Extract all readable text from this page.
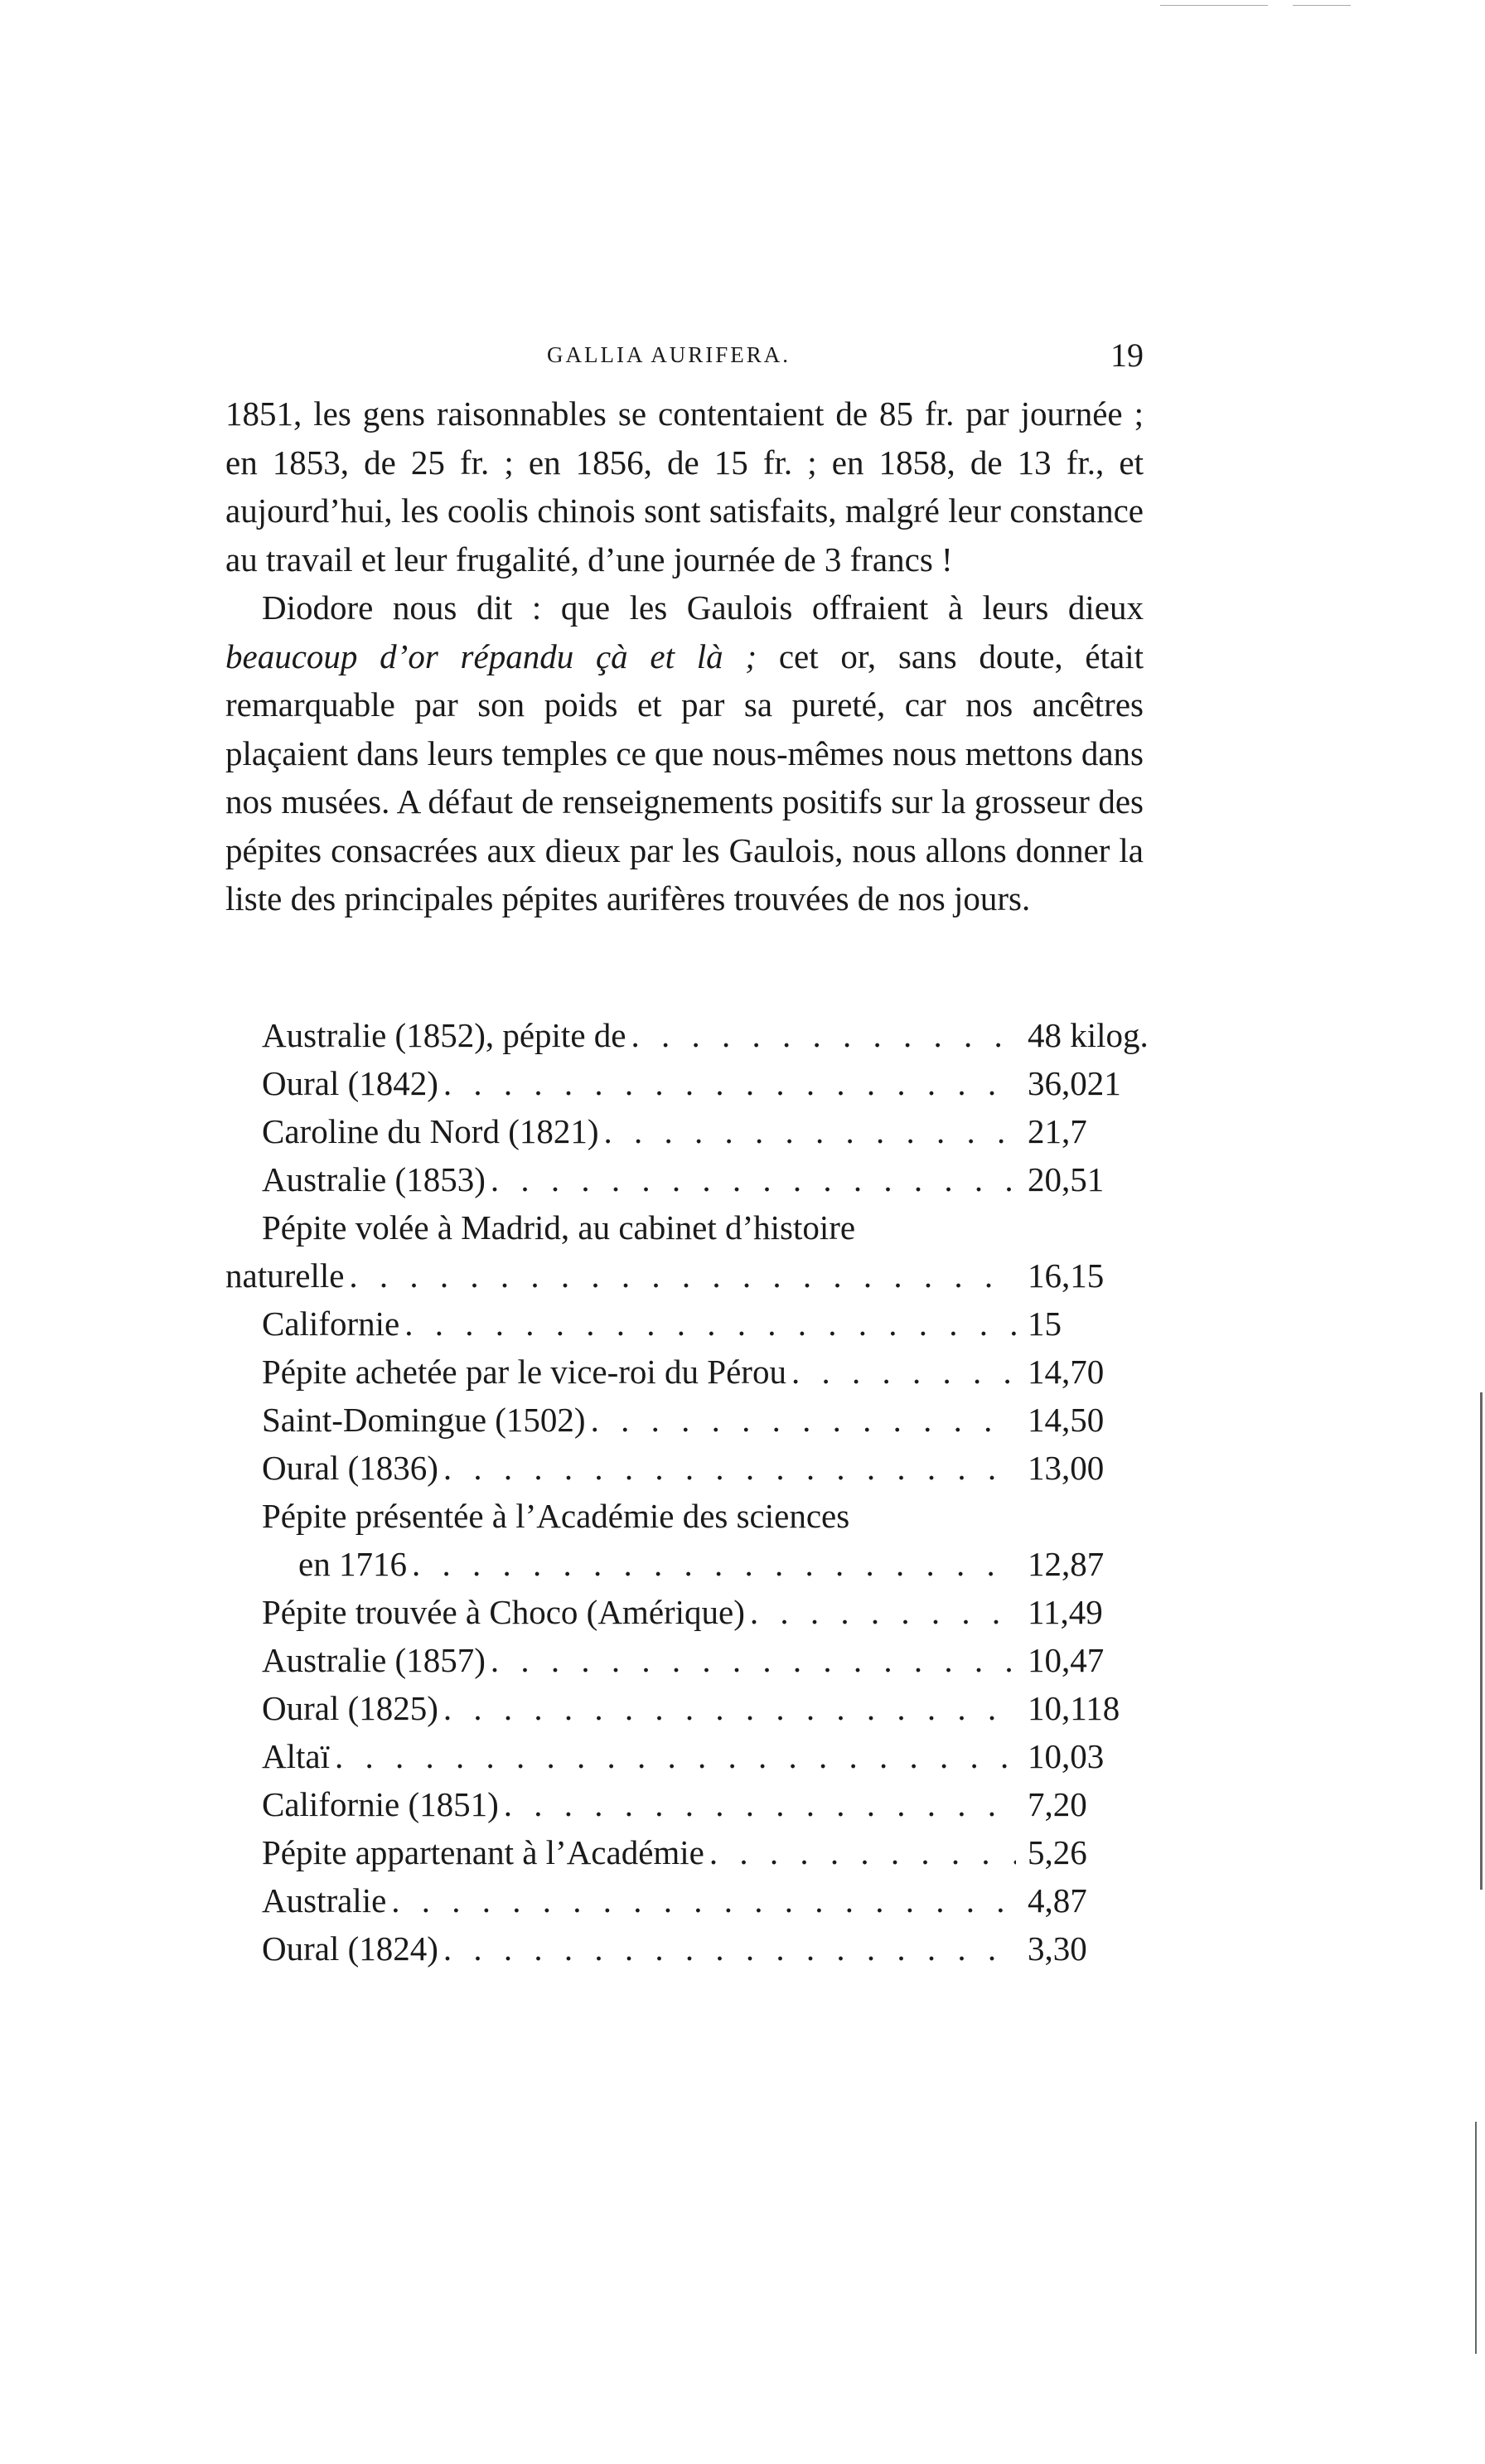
GALLIA AURIFERA.	19

1851, les gens raisonnables se contentaient de 85 fr. par journée ; en 1853, de 25 fr. ; en 1856, de 15 fr. ; en 1858, de 13 fr., et aujourd’hui, les coolis chinois sont satisfaits, malgré leur constance au travail et leur frugalité, d’une journée de 3 francs !

Diodore nous dit : que les Gaulois offraient à leurs dieux beaucoup d’or répandu çà et là ; cet or, sans doute, était remarquable par son poids et par sa pureté, car nos ancêtres plaçaient dans leurs temples ce que nous-mêmes nous mettons dans nos musées. A défaut de renseignements positifs sur la grosseur des pépites consacrées aux dieux par les Gaulois, nous allons donner la liste des principales pépites aurifères trouvées de nos jours.

Australie (1852), pépite de . . .	48 kilog.
Oural (1842) . . .	36,021
Caroline du Nord (1821) . . .	21,7
Australie (1853) . . .	20,51
Pépite volée à Madrid, au cabinet d’histoire
naturelle . . .	16,15
Californie . . .	15
Pépite achetée par le vice-roi du Pérou . . .	14,70
Saint-Domingue (1502) . . .	14,50
Oural (1836) . . .	13,00
Pépite présentée à l’Académie des sciences
en 1716 . . .	12,87
Pépite trouvée à Choco (Amérique) . . .	11,49
Australie (1857) . . .	10,47
Oural (1825) . . .	10,118
Altaï . . .	10,03
Californie (1851) . . .	7,20
Pépite appartenant à l’Académie . . .	5,26
Australie . . .	4,87
Oural (1824) . . .	3,30
